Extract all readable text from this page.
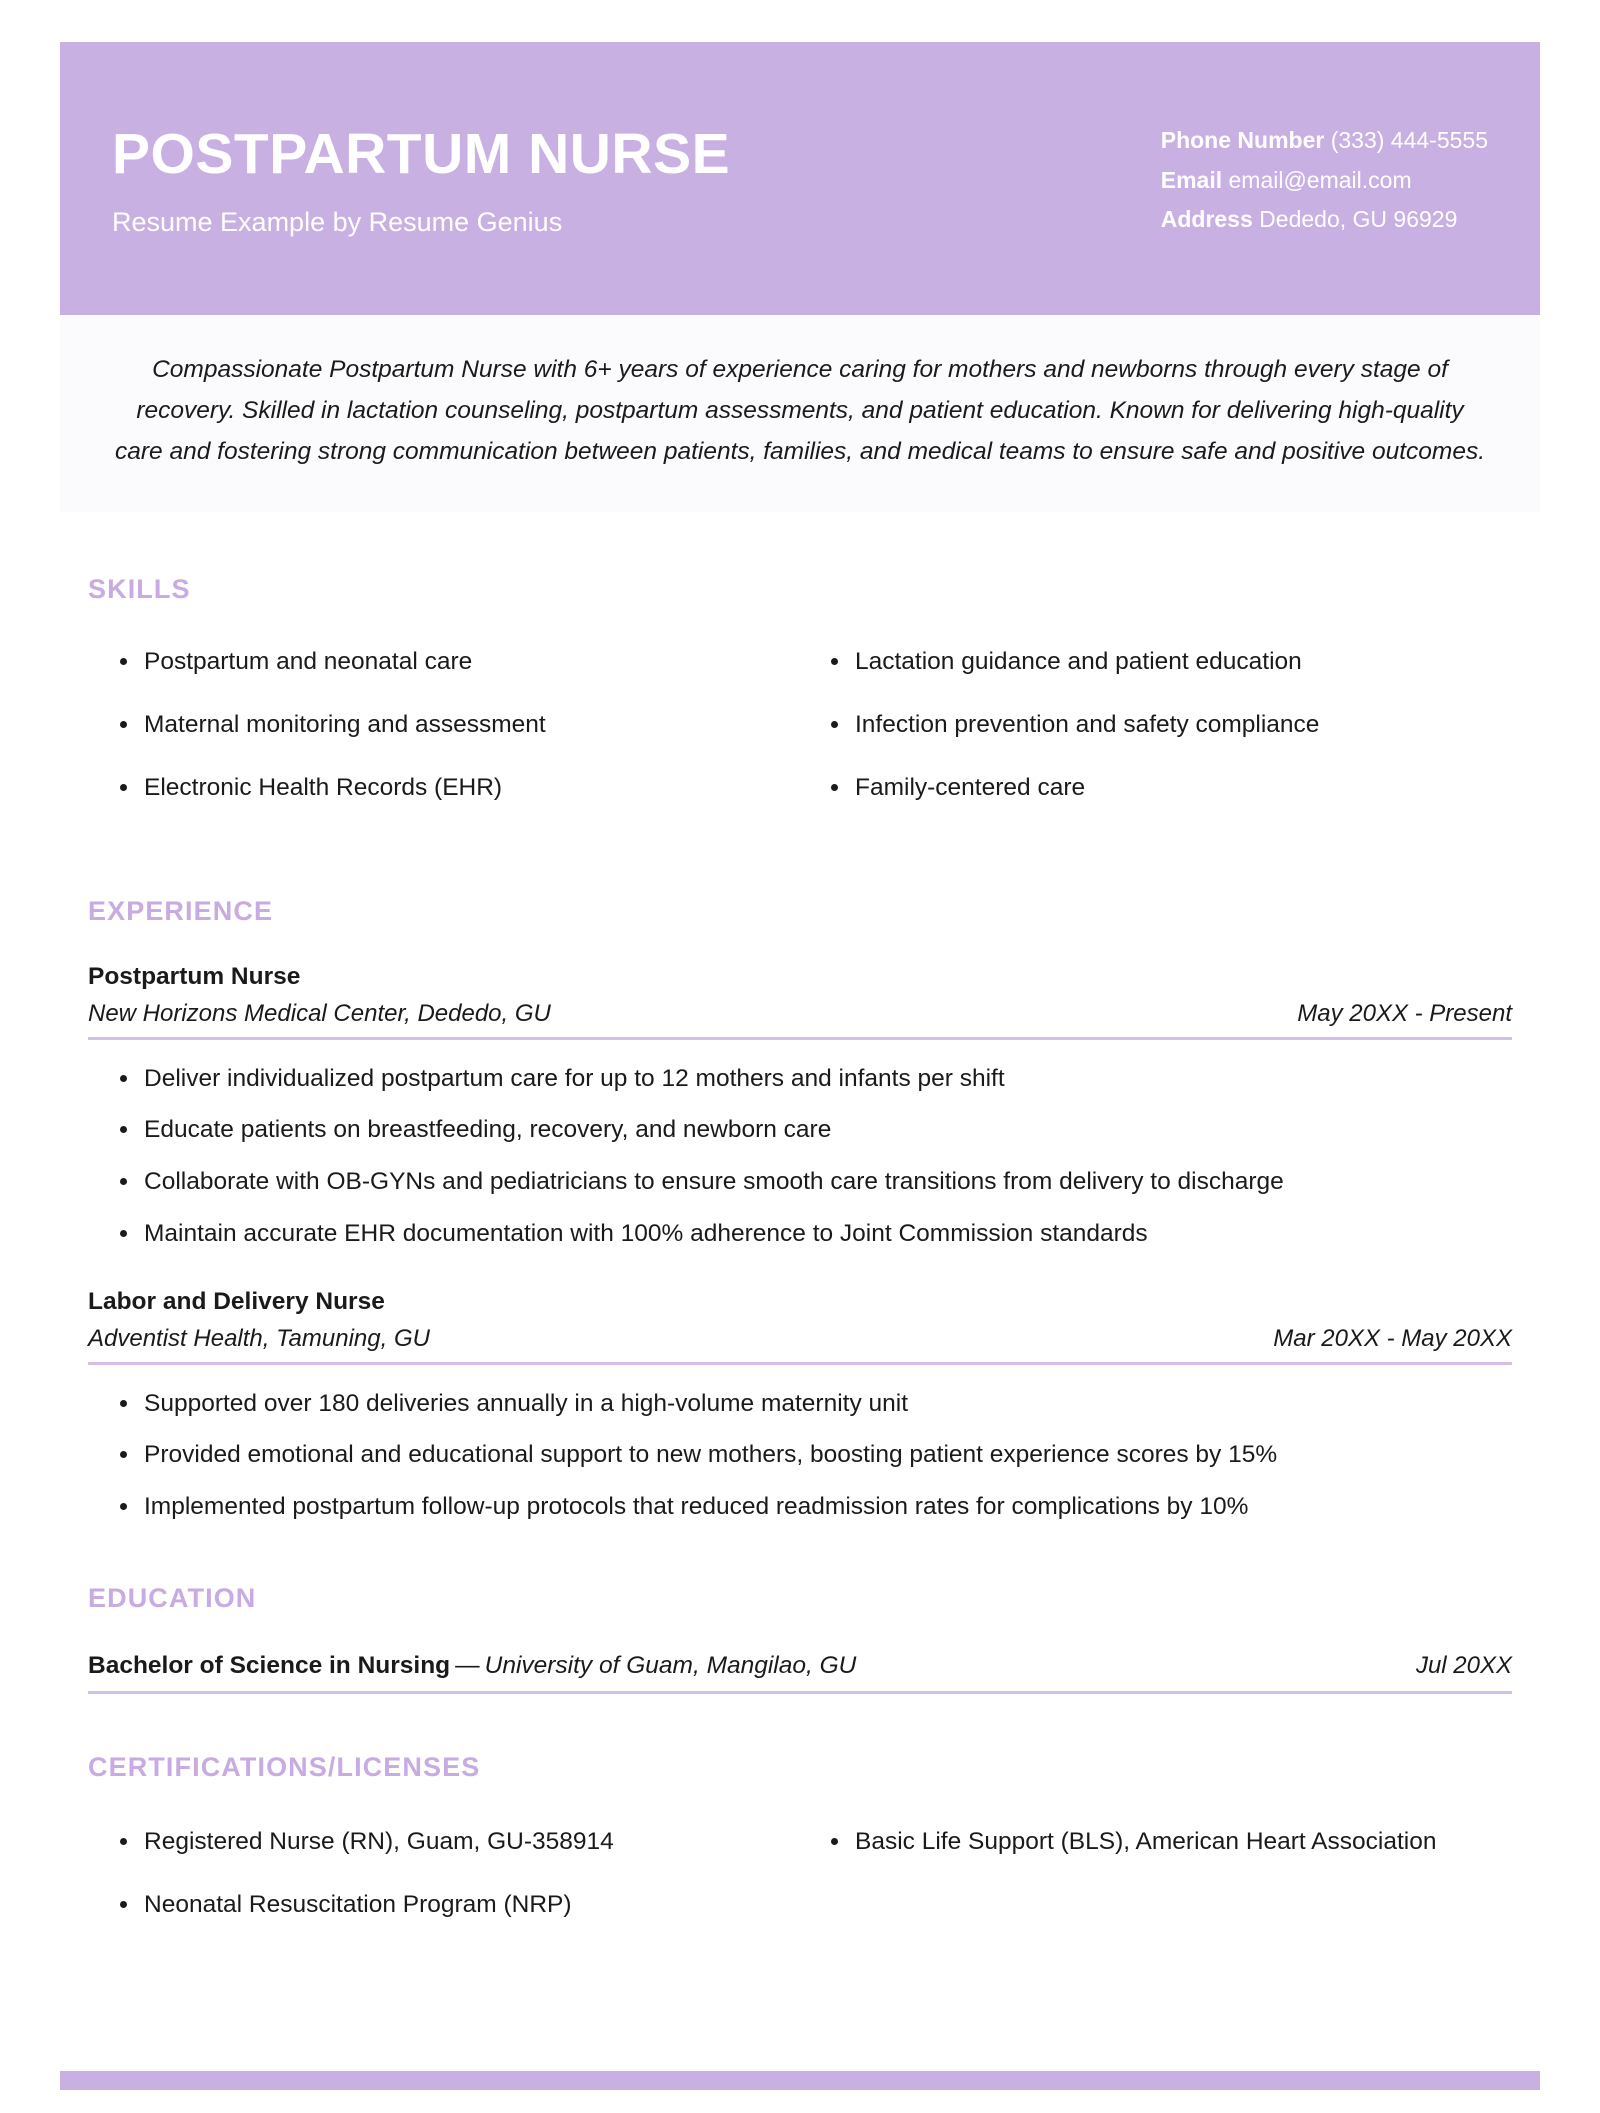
POSTPARTUM NURSE
Resume Example by Resume Genius
Phone Number (333) 444-5555
Email email@email.com
Address Dededo, GU 96929
Compassionate Postpartum Nurse with 6+ years of experience caring for mothers and newborns through every stage of recovery. Skilled in lactation counseling, postpartum assessments, and patient education. Known for delivering high-quality care and fostering strong communication between patients, families, and medical teams to ensure safe and positive outcomes.
SKILLS
Postpartum and neonatal care
Maternal monitoring and assessment
Electronic Health Records (EHR)
Lactation guidance and patient education
Infection prevention and safety compliance
Family-centered care
EXPERIENCE
Postpartum Nurse
New Horizons Medical Center, Dededo, GU	May 20XX - Present
Deliver individualized postpartum care for up to 12 mothers and infants per shift
Educate patients on breastfeeding, recovery, and newborn care
Collaborate with OB-GYNs and pediatricians to ensure smooth care transitions from delivery to discharge
Maintain accurate EHR documentation with 100% adherence to Joint Commission standards
Labor and Delivery Nurse
Adventist Health, Tamuning, GU	Mar 20XX - May 20XX
Supported over 180 deliveries annually in a high-volume maternity unit
Provided emotional and educational support to new mothers, boosting patient experience scores by 15%
Implemented postpartum follow-up protocols that reduced readmission rates for complications by 10%
EDUCATION
Bachelor of Science in Nursing — University of Guam, Mangilao, GU	Jul 20XX
CERTIFICATIONS/LICENSES
Registered Nurse (RN), Guam, GU-358914
Neonatal Resuscitation Program (NRP)
Basic Life Support (BLS), American Heart Association
